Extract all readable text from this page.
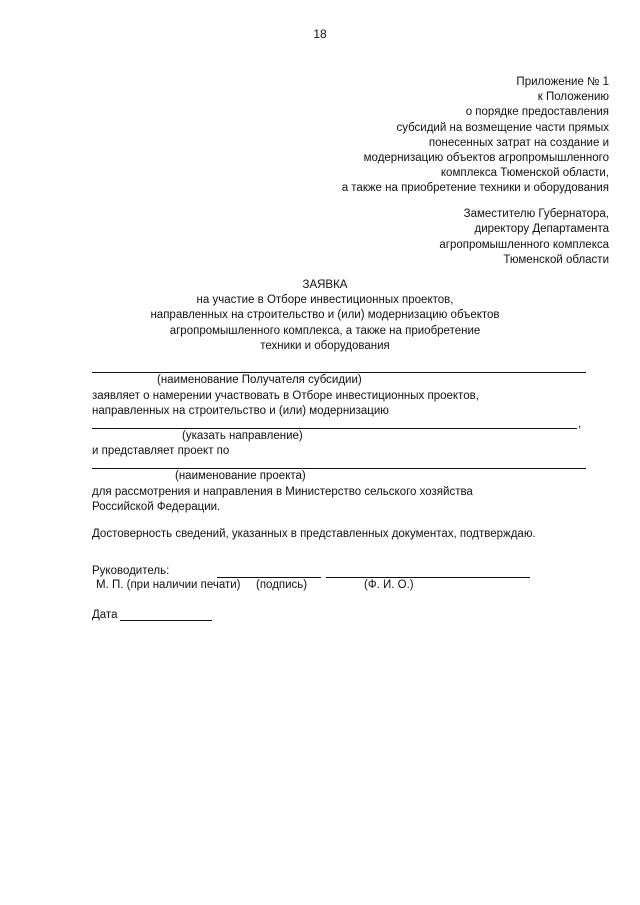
18
Приложение № 1
к Положению
о порядке предоставления
субсидий на возмещение части прямых
понесенных затрат на создание и
модернизацию объектов агропромышленного
комплекса Тюменской области,
а также на приобретение техники и оборудования
Заместителю Губернатора,
директору Департамента
агропромышленного комплекса
Тюменской области
ЗАЯВКА
на участие в Отборе инвестиционных проектов,
направленных на строительство и (или) модернизацию объектов
агропромышленного комплекса, а также на приобретение
техники и оборудования
(наименование Получателя субсидии)
заявляет о намерении участвовать в Отборе инвестиционных проектов,
направленных на строительство и (или) модернизацию
,
(указать направление)
и представляет проект по
(наименование проекта)
для рассмотрения и направления в Министерство сельского хозяйства
Российской Федерации.
Достоверность сведений, указанных в представленных документах, подтверждаю.
Руководитель:
М. П. (при наличии печати) (подпись)	(Ф. И. О.)
Дата
